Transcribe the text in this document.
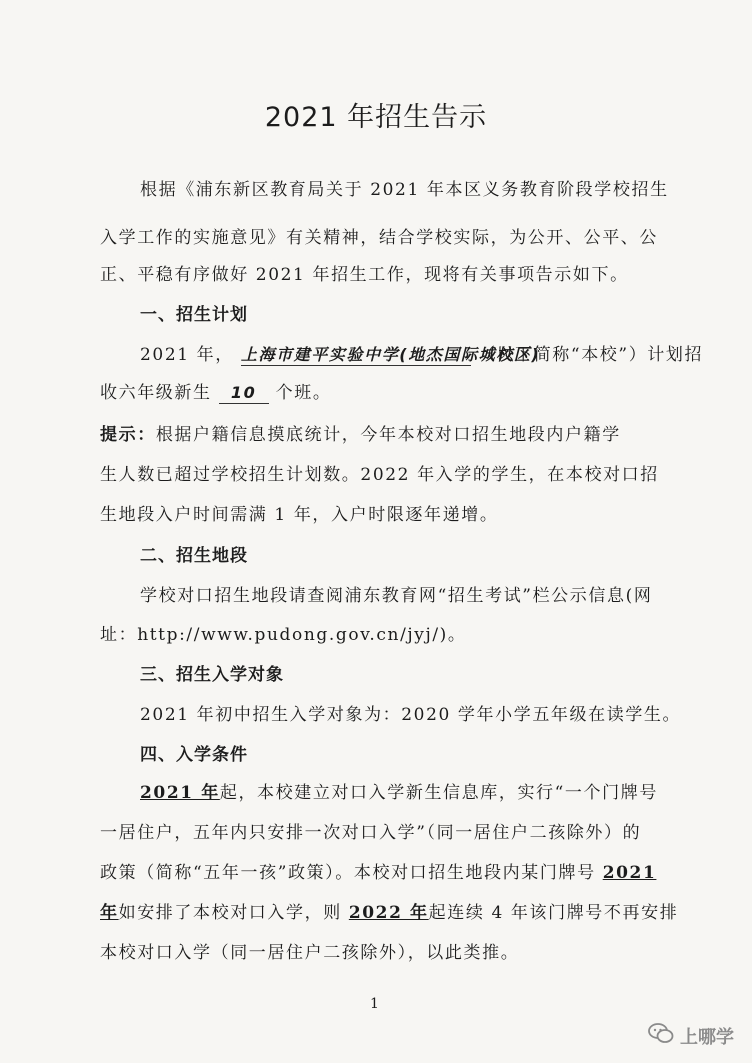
2021 年招生告示
根据《浦东新区教育局关于 2021 年本区义务教育阶段学校招生
入学工作的实施意见》有关精神，结合学校实际，为公开、公平、公
正、平稳有序做好 2021 年招生工作，现将有关事项告示如下。
一、招生计划
2021 年， 上海市建平实验中学(地杰国际城校区) （以下简称“本校”）计划招
收六年级新生 10 个班。
提示：根据户籍信息摸底统计，今年本校对口招生地段内户籍学
生人数已超过学校招生计划数。2022 年入学的学生，在本校对口招
生地段入户时间需满 1 年，入户时限逐年递增。
二、招生地段
学校对口招生地段请查阅浦东教育网“招生考试”栏公示信息(网
址：http://www.pudong.gov.cn/jyj/)。
三、招生入学对象
2021 年初中招生入学对象为：2020 学年小学五年级在读学生。
四、入学条件
2021 年起，本校建立对口入学新生信息库，实行“一个门牌号
一居住户，五年内只安排一次对口入学”（同一居住户二孩除外）的
政策（简称“五年一孩”政策）。本校对口招生地段内某门牌号 2021
年如安排了本校对口入学，则 2022 年起连续 4 年该门牌号不再安排
本校对口入学（同一居住户二孩除外），以此类推。
1
上哪学
